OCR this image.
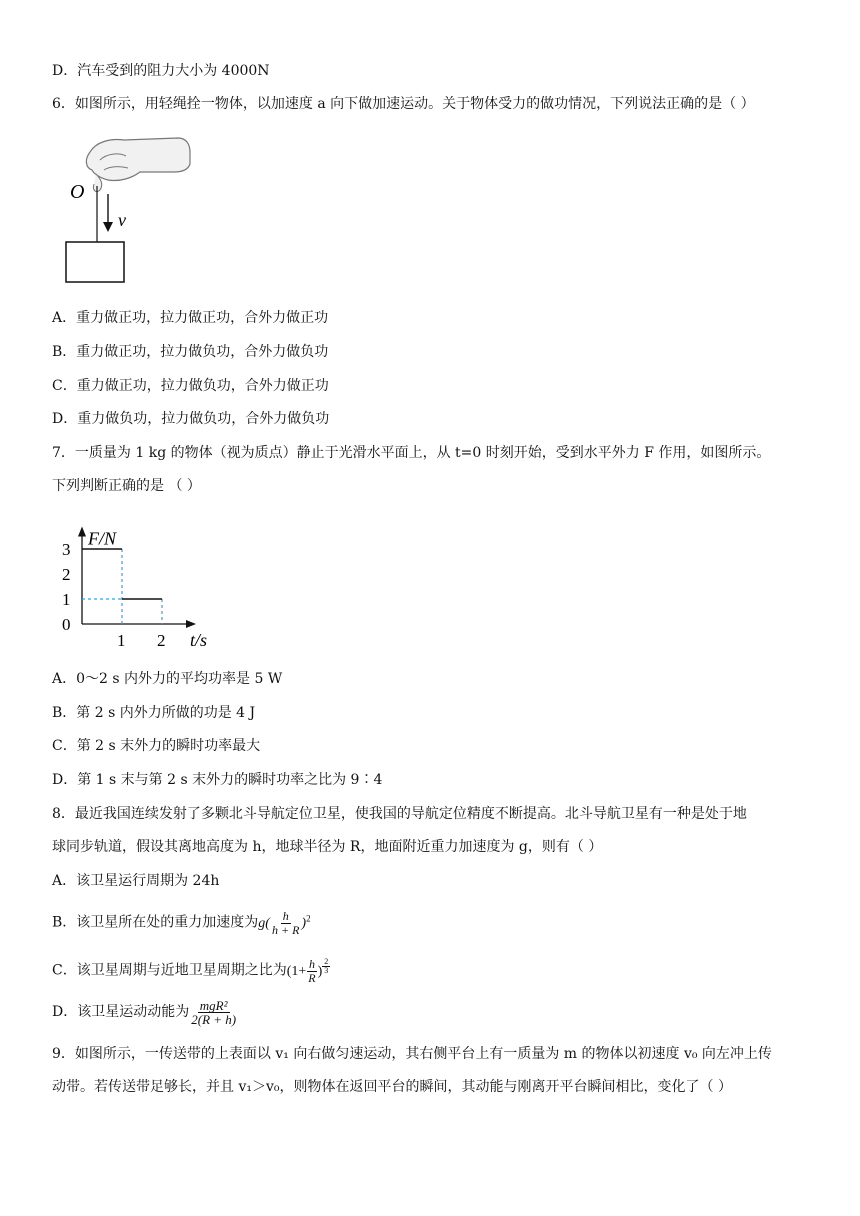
D．汽车受到的阻力大小为 4000N
6．如图所示，用轻绳拴一物体，以加速度 a 向下做加速运动。关于物体受力的做功情况，下列说法正确的是（ ）
O
v
A．重力做正功，拉力做正功，合外力做正功
B．重力做正功，拉力做负功，合外力做负功
C．重力做正功，拉力做负功，合外力做正功
D．重力做负功，拉力做负功，合外力做负功
7．一质量为 1 kg 的物体（视为质点）静止于光滑水平面上，从 t=0 时刻开始，受到水平外力 F 作用，如图所示。
下列判断正确的是 （ ）
F/N
t/s
0
1
2
3
1 2
A．0～2 s 内外力的平均功率是 5 W
B．第 2 s 内外力所做的功是 4 J
C．第 2 s 末外力的瞬时功率最大
D．第 1 s 末与第 2 s 末外力的瞬时功率之比为 9∶4
8．最近我国连续发射了多颗北斗导航定位卫星，使我国的导航定位精度不断提高。北斗导航卫星有一种是处于地
球同步轨道，假设其离地高度为 h，地球半径为 R，地面附近重力加速度为 g，则有（ ）
A．该卫星运行周期为 24h
B．该卫星所在处的重力加速度为$g( \frac{h}{h + R} )^2$
C．该卫星周期与近地卫星周期之比为($1+ \frac{h}{R}$ ) $^{\frac{2}{3}}$
D．该卫星运动动能为 $\frac{\text{mgR²}}{2(R + h)}$
9．如图所示，一传送带的上表面以 v₁ 向右做匀速运动，其右侧平台上有一质量为 m 的物体以初速度 v₀ 向左冲上传
动带。若传送带足够长，并且 v₁＞v₀，则物体在返回平台的瞬间，其动能与刚离开平台瞬间相比，变化了（ ）
